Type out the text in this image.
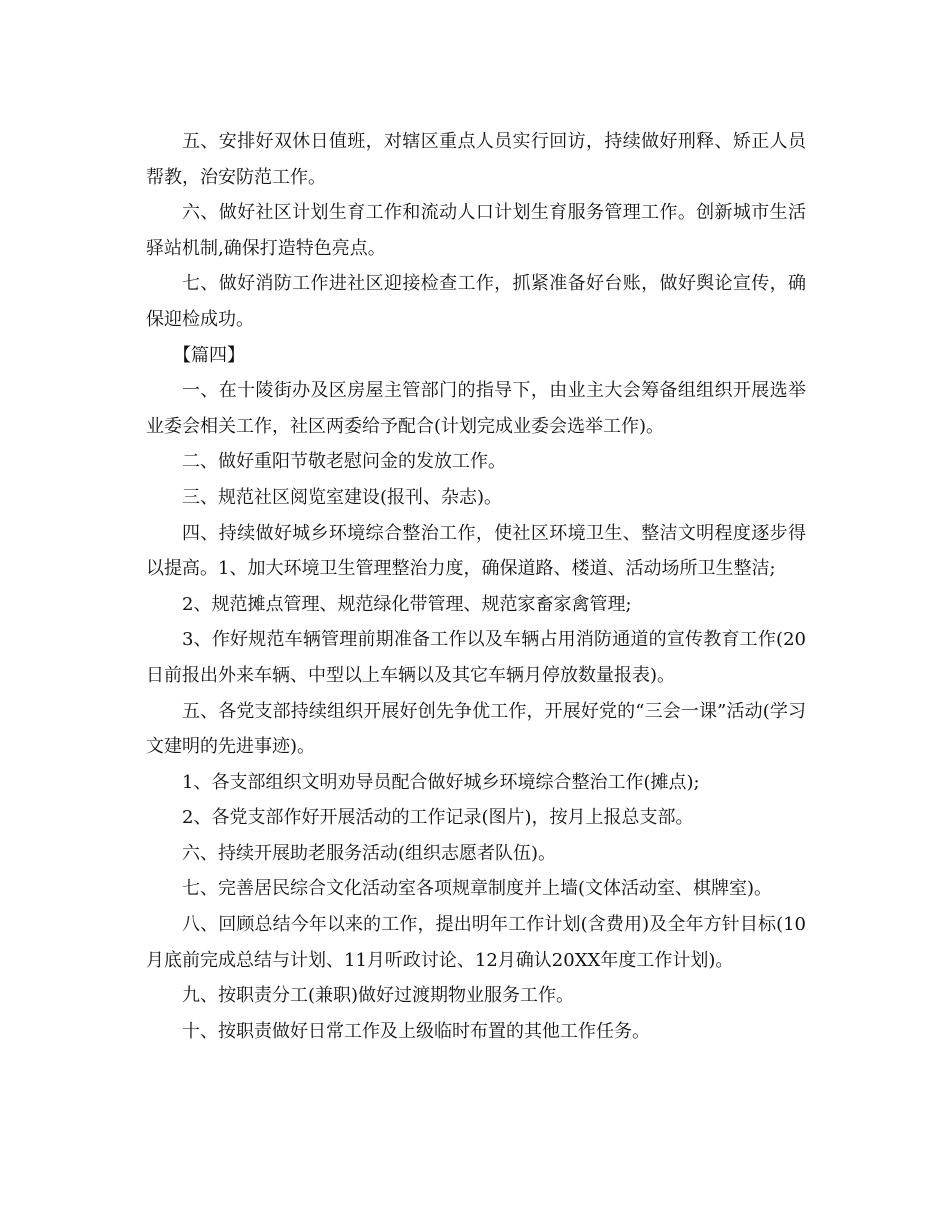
五、安排好双休日值班，对辖区重点人员实行回访，持续做好刑释、矫正人员帮教，治安防范工作。

六、做好社区计划生育工作和流动人口计划生育服务管理工作。创新城市生活驿站机制,确保打造特色亮点。

七、做好消防工作进社区迎接检查工作，抓紧准备好台账，做好舆论宣传，确保迎检成功。

【篇四】

一、在十陵街办及区房屋主管部门的指导下，由业主大会筹备组组织开展选举业委会相关工作，社区两委给予配合(计划完成业委会选举工作)。

二、做好重阳节敬老慰问金的发放工作。

三、规范社区阅览室建设(报刊、杂志)。

四、持续做好城乡环境综合整治工作，使社区环境卫生、整洁文明程度逐步得以提高。1、加大环境卫生管理整治力度，确保道路、楼道、活动场所卫生整洁;

2、规范摊点管理、规范绿化带管理、规范家畜家禽管理;

3、作好规范车辆管理前期准备工作以及车辆占用消防通道的宣传教育工作(20日前报出外来车辆、中型以上车辆以及其它车辆月停放数量报表)。

五、各党支部持续组织开展好创先争优工作，开展好党的“三会一课”活动(学习文建明的先进事迹)。

1、各支部组织文明劝导员配合做好城乡环境综合整治工作(摊点);

2、各党支部作好开展活动的工作记录(图片)，按月上报总支部。

六、持续开展助老服务活动(组织志愿者队伍)。

七、完善居民综合文化活动室各项规章制度并上墙(文体活动室、棋牌室)。

八、回顾总结今年以来的工作，提出明年工作计划(含费用)及全年方针目标(10月底前完成总结与计划、11月听政讨论、12月确认20XX年度工作计划)。

九、按职责分工(兼职)做好过渡期物业服务工作。

十、按职责做好日常工作及上级临时布置的其他工作任务。
